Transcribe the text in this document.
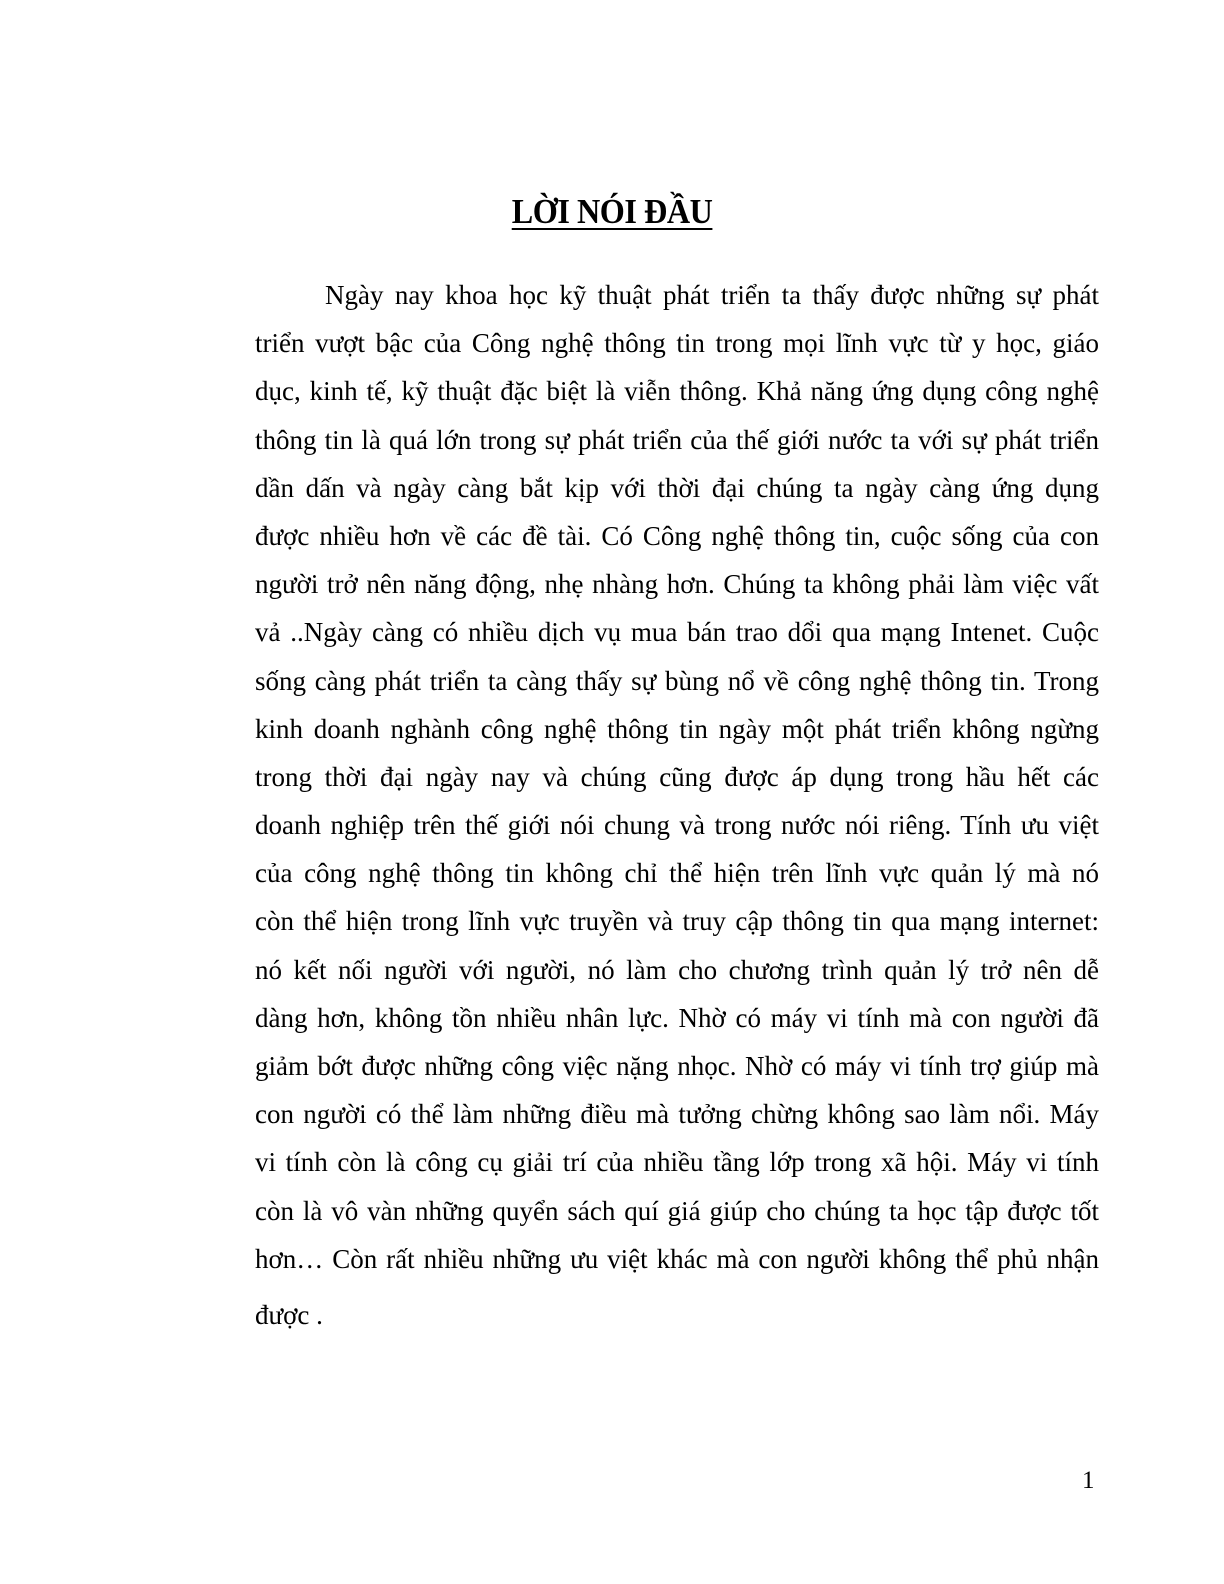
LỜI NÓI ĐẦU
Ngày nay khoa học kỹ thuật phát triển ta thấy được những sự phát
triển vượt bậc của Công nghệ thông tin trong mọi lĩnh vực từ y học, giáo
dục, kinh tế, kỹ thuật đặc biệt là viễn thông. Khả năng ứng dụng công nghệ
thông tin là quá lớn trong sự phát triển của thế giới nước ta với sự phát triển
dần dấn và ngày càng bắt kịp với thời đại chúng ta ngày càng ứng dụng
được nhiều hơn về các đề tài. Có Công nghệ thông tin, cuộc sống của con
người trở nên năng động, nhẹ nhàng hơn. Chúng ta không phải làm việc vất
vả ..Ngày càng có nhiều dịch vụ mua bán trao dổi qua mạng Intenet. Cuộc
sống càng phát triển ta càng thấy sự bùng nổ về công nghệ thông tin. Trong
kinh doanh nghành công nghệ thông tin ngày một phát triển không ngừng
trong thời đại ngày nay và chúng cũng được áp dụng trong hầu hết các
doanh nghiệp trên thế giới nói chung và trong nước nói riêng. Tính ưu việt
của công nghệ thông tin không chỉ thể hiện trên lĩnh vực quản lý mà nó
còn thể hiện trong lĩnh vực truyền và truy cập thông tin qua mạng internet:
nó kết nối người với người, nó làm cho chương trình quản lý trở nên dễ
dàng hơn, không tồn nhiều nhân lực. Nhờ có máy vi tính mà con người đã
giảm bớt được những công việc nặng nhọc. Nhờ có máy vi tính trợ giúp mà
con người có thể làm những điều mà tưởng chừng không sao làm nổi. Máy
vi tính còn là công cụ giải trí của nhiều tầng lớp trong xã hội. Máy vi tính
còn là vô vàn những quyển sách quí giá giúp cho chúng ta học tập được tốt
hơn… Còn rất nhiều những ưu việt khác mà con người không thể phủ nhận
được .
1
